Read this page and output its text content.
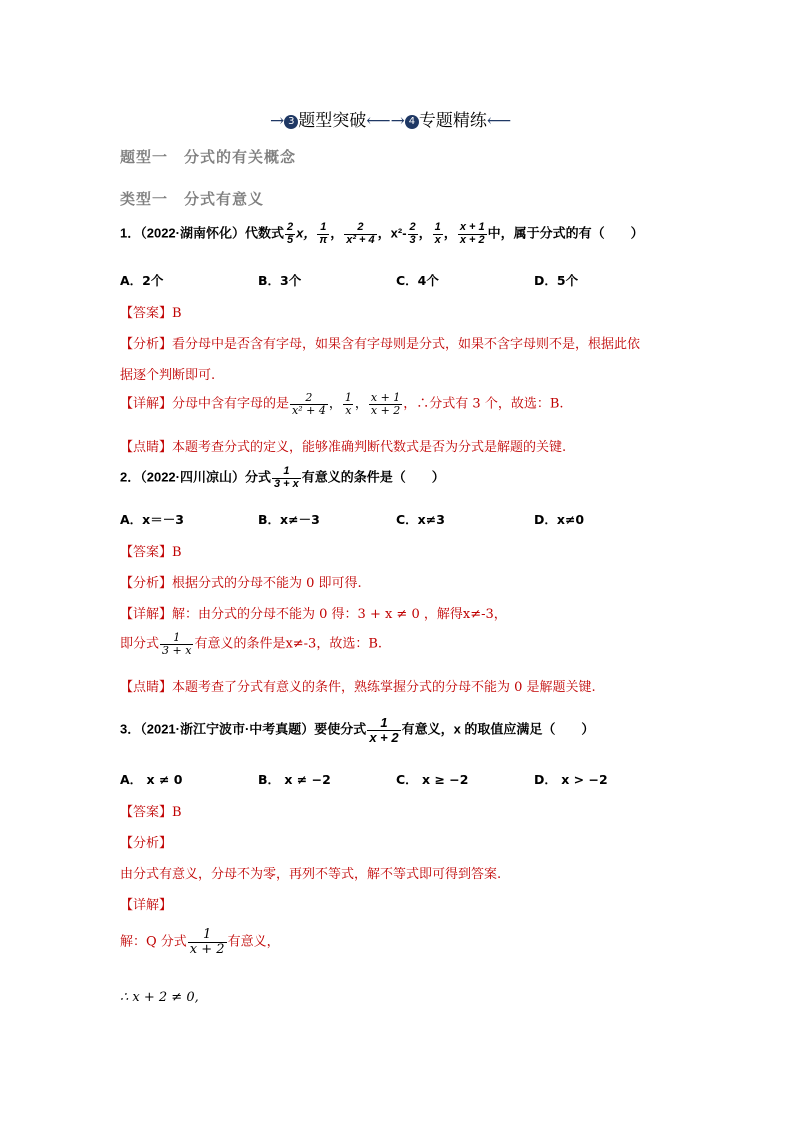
→ 3 题型突破⟵→ 4 专题精练⟵
题型一　分式的有关概念
类型一　分式有意义
1．（2022·湖南怀化）代数式 $\frac{2}{5}$ x， $\frac{1}{\pi}$ ， $\frac{2}{\text{x² + 4}}$ ，$x^2- \frac{2}{3}$ ， $\frac{1}{x}$ ， $\frac{x + 1}{x + 2}$ 中，属于分式的有（　　）
A．2个	B．3个	C．4个	D．5个
【答案】B
【分析】看分母中是否含有字母，如果含有字母则是分式，如果不含字母则不是，根据此依
据逐个判断即可.
【详解】分母中含有字母的是 $\frac{2}{\text{x² + 4}}$ ， $\frac{1}{x}$ ， $\frac{x + 1}{x + 2}$ ，∴分式有 3 个，故选：B.
【点睛】本题考查分式的定义，能够准确判断代数式是否为分式是解题的关键.
2．（2022·四川凉山）分式 $\frac{1}{3 + x}$ 有意义的条件是（　　）
A．x＝－3	B．x≠－3	C．x≠3	D．x≠0
【答案】B
【分析】根据分式的分母不能为 0 即可得.
【详解】解：由分式的分母不能为 0 得：3 + x ≠ 0 ，解得x≠-3，
即分式 $\frac{1}{3 + x}$ 有意义的条件是x≠-3，故选：B.
【点睛】本题考查了分式有意义的条件，熟练掌握分式的分母不能为 0 是解题关键.
3．（2021·浙江宁波市·中考真题）要使分式 $\frac{1}{x + 2}$ 有意义，x 的取值应满足（　　）
A． x ≠ 0	B． x ≠ −2	C． x ≥ −2	D． x > −2
【答案】B
【分析】
由分式有意义，分母不为零，再列不等式，解不等式即可得到答案.
【详解】
解：Q 分式 $\frac{1}{x + 2}$ 有意义，
∴ x + 2 ≠ 0,
